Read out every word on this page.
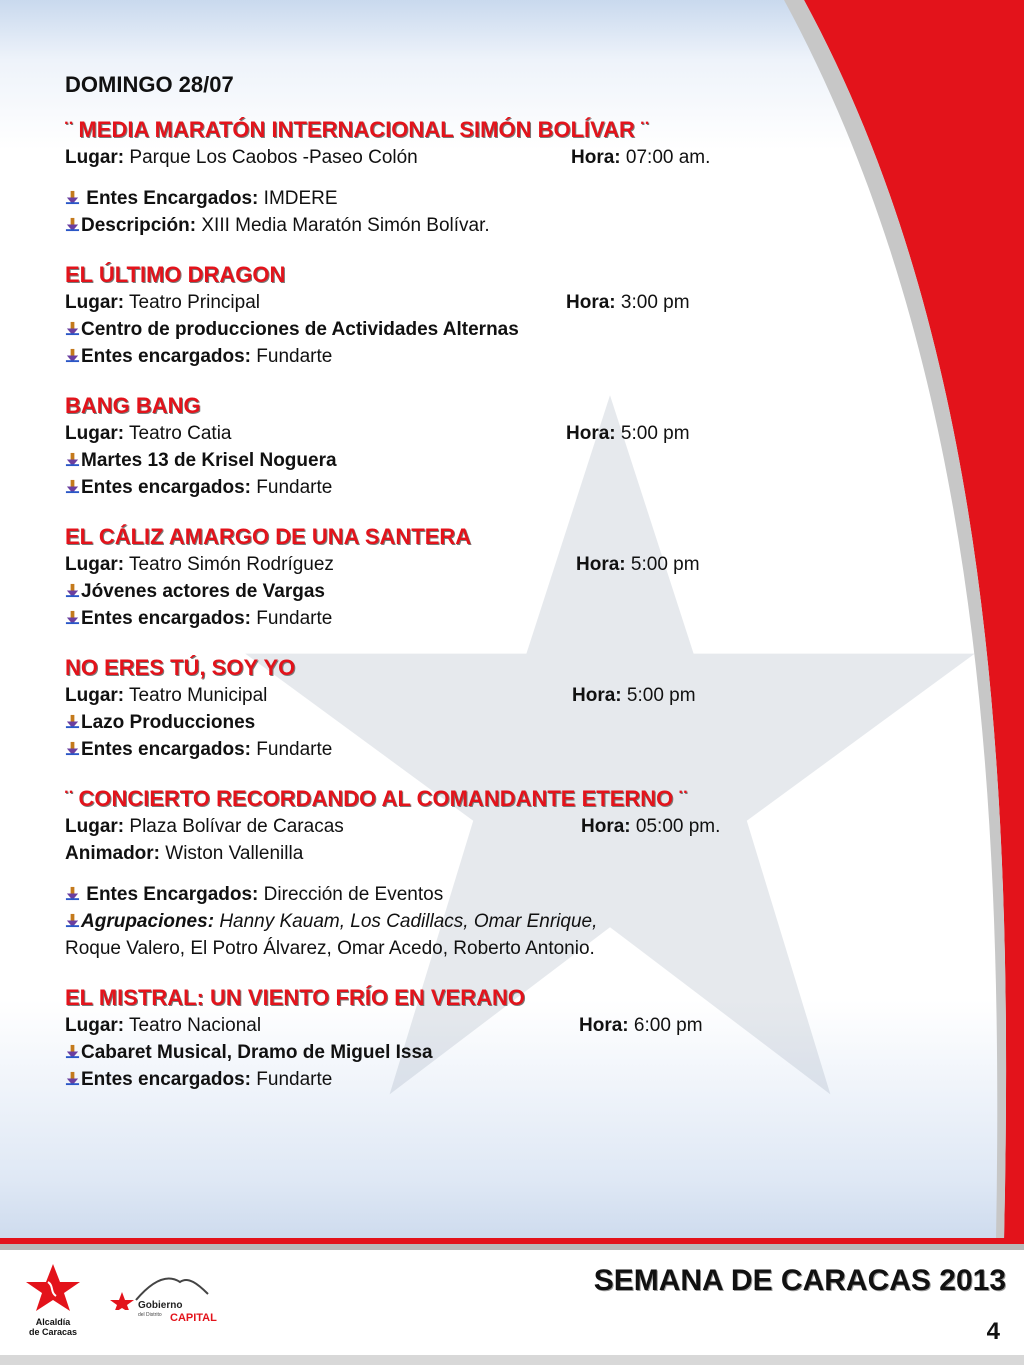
DOMINGO 28/07
¨ MEDIA MARATÓN INTERNACIONAL SIMÓN BOLÍVAR ¨
Lugar: Parque Los Caobos -Paseo Colón	Hora: 07:00 am.
Entes Encargados: IMDERE
Descripción: XIII Media Maratón Simón Bolívar.
EL ÚLTIMO DRAGON
Lugar: Teatro Principal	Hora: 3:00 pm
Centro de producciones de Actividades Alternas
Entes encargados: Fundarte
BANG BANG
Lugar: Teatro Catia	Hora: 5:00 pm
Martes 13 de Krisel Noguera
Entes encargados: Fundarte
EL CÁLIZ AMARGO DE UNA SANTERA
Lugar: Teatro Simón Rodríguez	Hora: 5:00 pm
Jóvenes actores de Vargas
Entes encargados: Fundarte
NO ERES TÚ, SOY YO
Lugar: Teatro Municipal	Hora: 5:00 pm
Lazo Producciones
Entes encargados: Fundarte
¨ CONCIERTO RECORDANDO AL COMANDANTE ETERNO ¨
Lugar: Plaza Bolívar de Caracas	Hora: 05:00 pm.
Animador: Wiston Vallenilla
Entes Encargados: Dirección de Eventos
Agrupaciones: Hanny Kauam, Los Cadillacs, Omar Enrique,
Roque Valero, El Potro Álvarez, Omar Acedo, Roberto Antonio.
EL MISTRAL: UN VIENTO FRÍO EN VERANO
Lugar: Teatro Nacional	Hora: 6:00 pm
Cabaret Musical, Dramo de Miguel Issa
Entes encargados: Fundarte
Alcaldía
de Caracas
Gobierno
del Distrito CAPITAL
SEMANA DE CARACAS 2013
4
